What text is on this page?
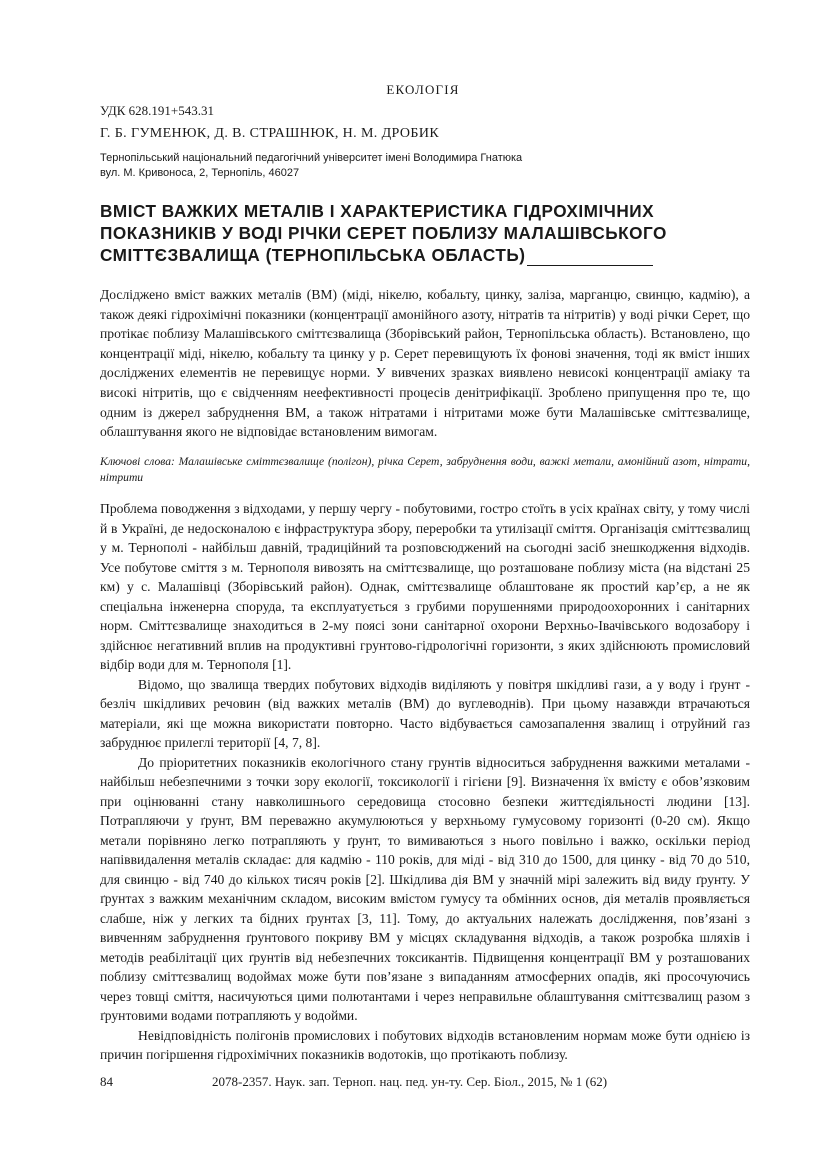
ЕКОЛОГІЯ
УДК 628.191+543.31
Г. Б. ГУМЕНЮК, Д. В. СТРАШНЮК, Н. М. ДРОБИК
Тернопільський національний педагогічний університет імені Володимира Гнатюка
вул. М. Кривоноса, 2, Тернопіль, 46027
ВМІСТ ВАЖКИХ МЕТАЛІВ І ХАРАКТЕРИСТИКА ГІДРОХІМІЧНИХ
ПОКАЗНИКІВ У ВОДІ РІЧКИ СЕРЕТ ПОБЛИЗУ МАЛАШІВСЬКОГО
СМІТТЄЗВАЛИЩА (ТЕРНОПІЛЬСЬКА ОБЛАСТЬ)
Досліджено вміст важких металів (ВМ) (міді, нікелю, кобальту, цинку, заліза, марганцю, свинцю, кадмію), а також деякі гідрохімічні показники (концентрації амонійного азоту, нітратів та нітритів) у воді річки Серет, що протікає поблизу Малашівського сміттєзвалища (Зборівський район, Тернопільська область). Встановлено, що концентрації міді, нікелю, кобальту та цинку у р. Серет перевищують їх фонові значення, тоді як вміст інших досліджених елементів не перевищує норми. У вивчених зразках виявлено невисокі концентрації аміаку та високі нітритів, що є свідченням неефективності процесів денітрифікації. Зроблено припущення про те, що одним із джерел забруднення ВМ, а також нітратами і нітритами може бути Малашівське сміттєзвалище, облаштування якого не відповідає встановленим вимогам.
Ключові слова: Малашівське сміттєзвалище (полігон), річка Серет, забруднення води, важкі метали, амонійний азот, нітрати, нітрити

Проблема поводження з відходами, у першу чергу - побутовими, гостро стоїть в усіх країнах світу, у тому числі й в Україні, де недосконалою є інфраструктура збору, переробки та утилізації сміття. Організація сміттєзвалищ у м. Тернополі - найбільш давній, традиційний та розповсюджений на сьогодні засіб знешкодження відходів. Усе побутове сміття з м. Тернополя вивозять на сміттєзвалище, що розташоване поблизу міста (на відстані 25 км) у с. Малашівці (Зборівський район). Однак, сміттєзвалище облаштоване як простий кар’єр, а не як спеціальна інженерна споруда, та експлуатується з грубими порушеннями природоохоронних і санітарних норм. Сміттєзвалище знаходиться в 2-му поясі зони санітарної охорони Верхньо-Івачівського водозабору і здійснює негативний вплив на продуктивні грунтово-гідрологічні горизонти, з яких здійснюють промисловий відбір води для м. Тернополя [1].

Відомо, що звалища твердих побутових відходів виділяють у повітря шкідливі гази, а у воду і ґрунт - безліч шкідливих речовин (від важких металів (ВМ) до вуглеводнів). При цьому назавжди втрачаються матеріали, які ще можна використати повторно. Часто відбувається самозапалення звалищ і отруйний газ забруднює прилеглі території [4, 7, 8].

До пріоритетних показників екологічного стану грунтів відноситься забруднення важкими металами - найбільш небезпечними з точки зору екології, токсикології і гігієни [9]. Визначення їх вмісту є обов’язковим при оцінюванні стану навколишнього середовища стосовно безпеки життєдіяльності людини [13]. Потрапляючи у ґрунт, ВМ переважно акумулюються у верхньому гумусовому горизонті (0-20 см). Якщо метали порівняно легко потрапляють у ґрунт, то вимиваються з нього повільно і важко, оскільки період напіввидалення металів складає: для кадмію - 110 років, для міді - від 310 до 1500, для цинку - від 70 до 510, для свинцю - від 740 до кількох тисяч років [2]. Шкідлива дія ВМ у значній мірі залежить від виду ґрунту. У ґрунтах з важким механічним складом, високим вмістом гумусу та обмінних основ, дія металів проявляється слабше, ніж у легких та бідних ґрунтах [3, 11]. Тому, до актуальних належать дослідження, пов’язані з вивченням забруднення ґрунтового покриву ВМ у місцях складування відходів, а також розробка шляхів і методів реабілітації цих ґрунтів від небезпечних токсикантів. Підвищення концентрації ВМ у розташованих поблизу сміттєзвалищ водоймах може бути пов’язане з випаданням атмосферних опадів, які просочуючись через товщі сміття, насичуються цими полютантами і через неправильне облаштування сміттєзвалищ разом з ґрунтовими водами потрапляють у водойми.

Невідповідність полігонів промислових і побутових відходів встановленим нормам може бути однією із причин погіршення гідрохімічних показників водотоків, що протікають поблизу.

84	2078-2357. Наук. зап. Терноп. нац. пед. ун-ту. Сер. Біол., 2015, № 1 (62)
